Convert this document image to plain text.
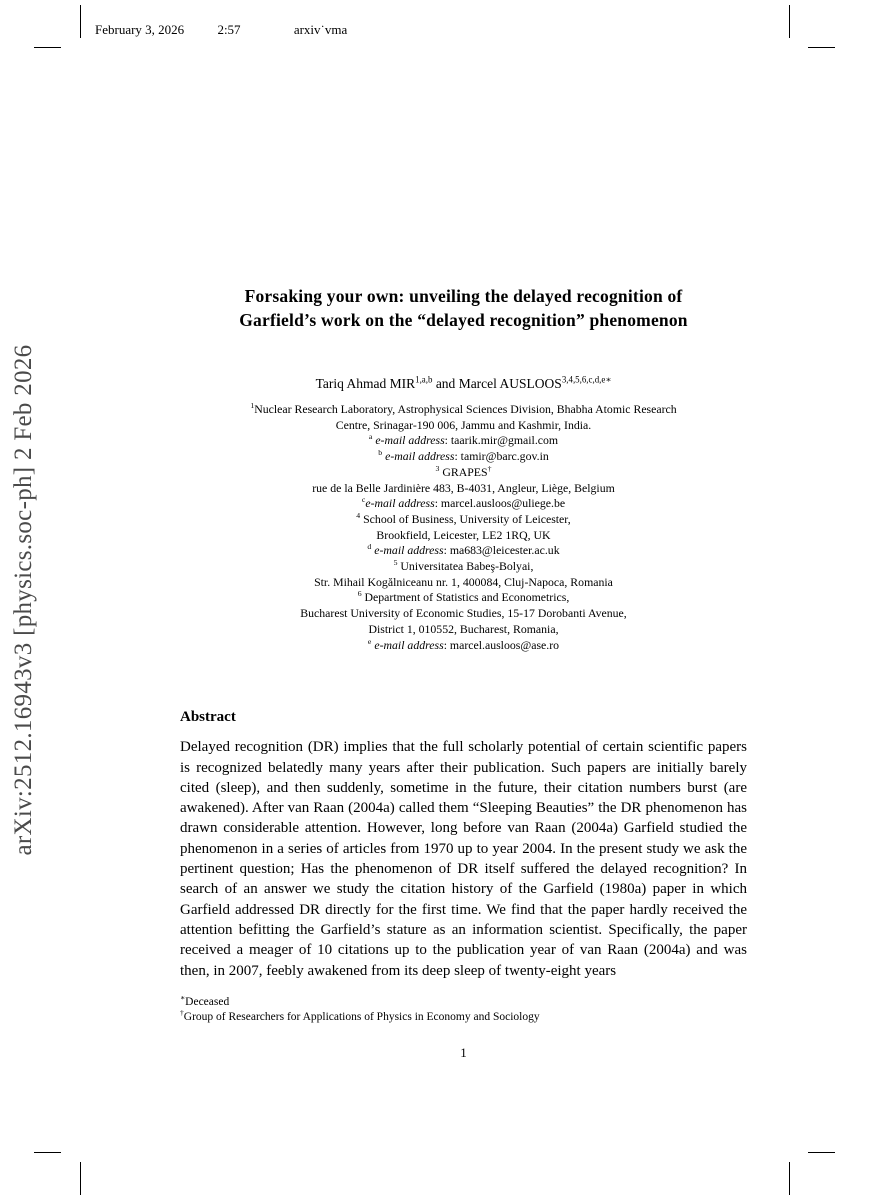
February 3, 2026	2:57	arxiv˙vma
arXiv:2512.16943v3 [physics.soc-ph] 2 Feb 2026
Forsaking your own: unveiling the delayed recognition of
Garfield’s work on the “delayed recognition” phenomenon
Tariq Ahmad MIR$^{1,a,b}$ and Marcel $AUSLOOS^{3,4,5,6,c,d,e∗}$
$^1$Nuclear Research Laboratory, Astrophysical Sciences Division, Bhabha Atomic Research
Centre, Srinagar-190 006, Jammu and Kashmir, India.
$^a$ e-mail address: taarik.mir@gmail.com
$^b$ e-mail address: tamir@barc.gov.in
$^3$ GRAPES†
rue de la Belle Jardinière 483, B-4031, Angleur, Liège, Belgium
$^c$e-mail address: marcel.ausloos@uliege.be
$^4$ School of Business, University of Leicester,
Brookfield, Leicester, LE2 1RQ, UK
$^d$ e-mail address: ma683@leicester.ac.uk
$^5$ Universitatea Babeş-Bolyai,
Str. Mihail Kogălniceanu nr. 1, 400084, Cluj-Napoca, Romania
$^6$ Department of Statistics and Econometrics,
Bucharest University of Economic Studies, 15-17 Dorobanti Avenue,
District 1, 010552, Bucharest, Romania,
$^e$ e-mail address: marcel.ausloos@ase.ro
Abstract

Delayed recognition (DR) implies that the full scholarly potential of certain scientific papers is recognized belatedly many years after their publication. Such papers are initially barely cited (sleep), and then suddenly, sometime in the future, their citation numbers burst (are awakened). After van Raan (2004a) called them “Sleeping Beauties” the DR phenomenon has drawn considerable attention. However, long before van Raan (2004a) Garfield studied the phenomenon in a series of articles from 1970 up to year 2004. In the present study we ask the pertinent question; Has the phenomenon of DR itself suffered the delayed recognition? In search of an answer we study the citation history of the Garfield (1980a) paper in which Garfield addressed DR directly for the first time. We find that the paper hardly received the attention befitting the Garfield’s stature as an information scientist. Specifically, the paper received a meager of 10 citations up to the publication year of van Raan (2004a) and was then, in 2007, feebly awakened from its deep sleep of twenty-eight years

∗Deceased
†Group of Researchers for Applications of Physics in Economy and Sociology
1
